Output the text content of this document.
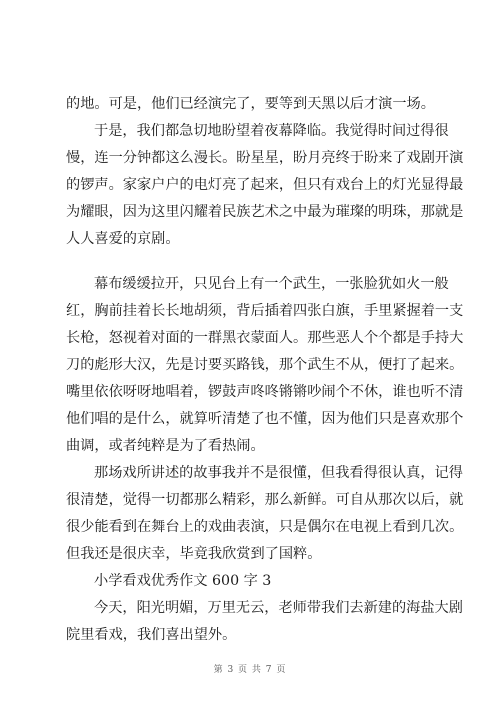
的地。可是，他们已经演完了，要等到天黑以后才演一场。
于是，我们都急切地盼望着夜幕降临。我觉得时间过得很
慢，连一分钟都这么漫长。盼星星，盼月亮终于盼来了戏剧开演
的锣声。家家户户的电灯亮了起来，但只有戏台上的灯光显得最
为耀眼，因为这里闪耀着民族艺术之中最为璀璨的明珠，那就是
人人喜爱的京剧。
幕布缓缓拉开，只见台上有一个武生，一张脸犹如火一般
红，胸前挂着长长地胡须，背后插着四张白旗，手里紧握着一支
长枪，怒视着对面的一群黑衣蒙面人。那些恶人个个都是手持大
刀的彪形大汉，先是讨要买路钱，那个武生不从，便打了起来。
嘴里依依呀呀地唱着，锣鼓声咚咚锵锵吵闹个不休，谁也听不清
他们唱的是什么，就算听清楚了也不懂，因为他们只是喜欢那个
曲调，或者纯粹是为了看热闹。
那场戏所讲述的故事我并不是很懂，但我看得很认真，记得
很清楚，觉得一切都那么精彩，那么新鲜。可自从那次以后，就
很少能看到在舞台上的戏曲表演，只是偶尔在电视上看到几次。
但我还是很庆幸，毕竟我欣赏到了国粹。
小学看戏优秀作文 600 字 3
今天，阳光明媚，万里无云，老师带我们去新建的海盐大剧
院里看戏，我们喜出望外。
第 3 页 共 7 页
